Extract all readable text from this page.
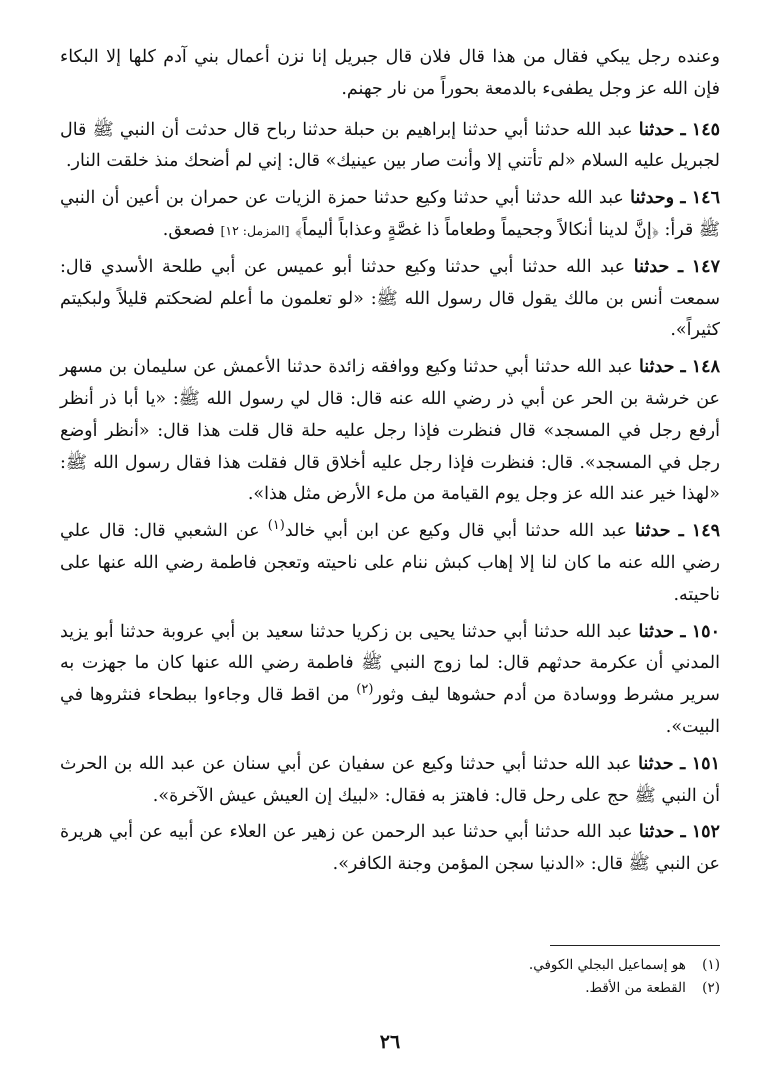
وعنده رجل يبكي فقال من هذا قال فلان قال جبريل إنا نزن أعمال بني آدم كلها إلا البكاء فإن الله عز وجل يطفىء بالدمعة بحوراً من نار جهنم.

١٤٥ ـ حدثنا عبد الله حدثنا أبي حدثنا إبراهيم بن حبلة حدثنا رباح قال حدثت أن النبي ﷺ قال لجبريل عليه السلام «لم تأتني إلا وأنت صار بين عينيك» قال: إني لم أضحك منذ خلقت النار.

١٤٦ ـ وحدثنا عبد الله حدثنا أبي حدثنا وكيع حدثنا حمزة الزيات عن حمران بن أعين أن النبي ﷺ قرأ: ﴿إنَّ لدينا أنكالاً وجحيماً وطعاماً ذا غصَّةٍ وعذاباً أليماً﴾ [المزمل: ١٢] فصعق.

١٤٧ ـ حدثنا عبد الله حدثنا أبي حدثنا وكيع حدثنا أبو عميس عن أبي طلحة الأسدي قال: سمعت أنس بن مالك يقول قال رسول الله ﷺ: «لو تعلمون ما أعلم لضحكتم قليلاً ولبكيتم كثيراً».

١٤٨ ـ حدثنا عبد الله حدثنا أبي حدثنا وكيع ووافقه زائدة حدثنا الأعمش عن سليمان بن مسهر عن خرشة بن الحر عن أبي ذر رضي الله عنه قال: قال لي رسول الله ﷺ: «يا أبا ذر أنظر أرفع رجل في المسجد» قال فنظرت فإذا رجل عليه حلة قال قلت هذا قال: «أنظر أوضع رجل في المسجد». قال: فنظرت فإذا رجل عليه أخلاق قال فقلت هذا فقال رسول الله ﷺ: «لهذا خير عند الله عز وجل يوم القيامة من ملء الأرض مثل هذا».

١٤٩ ـ حدثنا عبد الله حدثنا أبي قال وكيع عن ابن أبي خالد$^{(١)}$ عن الشعبي قال: قال علي رضي الله عنه ما كان لنا إلا إهاب كبش ننام على ناحيته وتعجن فاطمة رضي الله عنها على ناحيته.

١٥٠ ـ حدثنا عبد الله حدثنا أبي حدثنا يحيى بن زكريا حدثنا سعيد بن أبي عروبة حدثنا أبو يزيد المدني أن عكرمة حدثهم قال: لما زوج النبي ﷺ فاطمة رضي الله عنها كان ما جهزت به سرير مشرط ووسادة من أدم حشوها ليف وثور$^{(٢)}$ من اقط قال وجاءوا ببطحاء فنثروها في البيت».

١٥١ ـ حدثنا عبد الله حدثنا أبي حدثنا وكيع عن سفيان عن أبي سنان عن عبد الله بن الحرث أن النبي ﷺ حج على رحل قال: فاهتز به فقال: «لبيك إن العيش عيش الآخرة».

١٥٢ ـ حدثنا عبد الله حدثنا أبي حدثنا عبد الرحمن عن زهير عن العلاء عن أبيه عن أبي هريرة عن النبي ﷺ قال: «الدنيا سجن المؤمن وجنة الكافر».

(١) هو إسماعيل البجلي الكوفي.
(٢) القطعة من الأقط.
٢٦
